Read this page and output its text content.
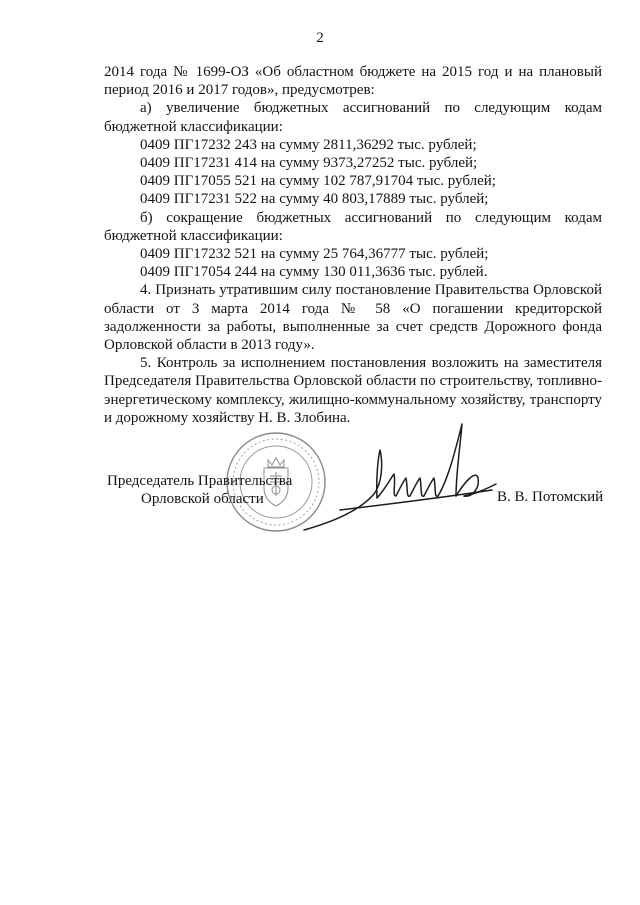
2

2014 года № 1699-ОЗ «Об областном бюджете на 2015 год и на плановый период 2016 и 2017 годов», предусмотрев:

а) увеличение бюджетных ассигнований по следующим кодам бюджетной классификации:

0409 ПГ17232 243 на сумму 2811,36292 тыс. рублей;
0409 ПГ17231 414 на сумму 9373,27252 тыс. рублей;
0409 ПГ17055 521 на сумму 102 787,91704 тыс. рублей;
0409 ПГ17231 522 на сумму 40 803,17889 тыс. рублей;

б) сокращение бюджетных ассигнований по следующим кодам бюджетной классификации:

0409 ПГ17232 521 на сумму 25 764,36777 тыс. рублей;
0409 ПГ17054 244 на сумму 130 011,3636 тыс. рублей.

4. Признать утратившим силу постановление Правительства Орловской области от 3 марта 2014 года № 58 «О погашении кредиторской задолженности за работы, выполненные за счет средств Дорожного фонда Орловской области в 2013 году».

5. Контроль за исполнением постановления возложить на заместителя Председателя Правительства Орловской области по строительству, топливно-энергетическому комплексу, жилищно-коммунальному хозяйству, транспорту и дорожному хозяйству Н. В. Злобина.

Председатель Правительства
Орловской области	В. В. Потомский
